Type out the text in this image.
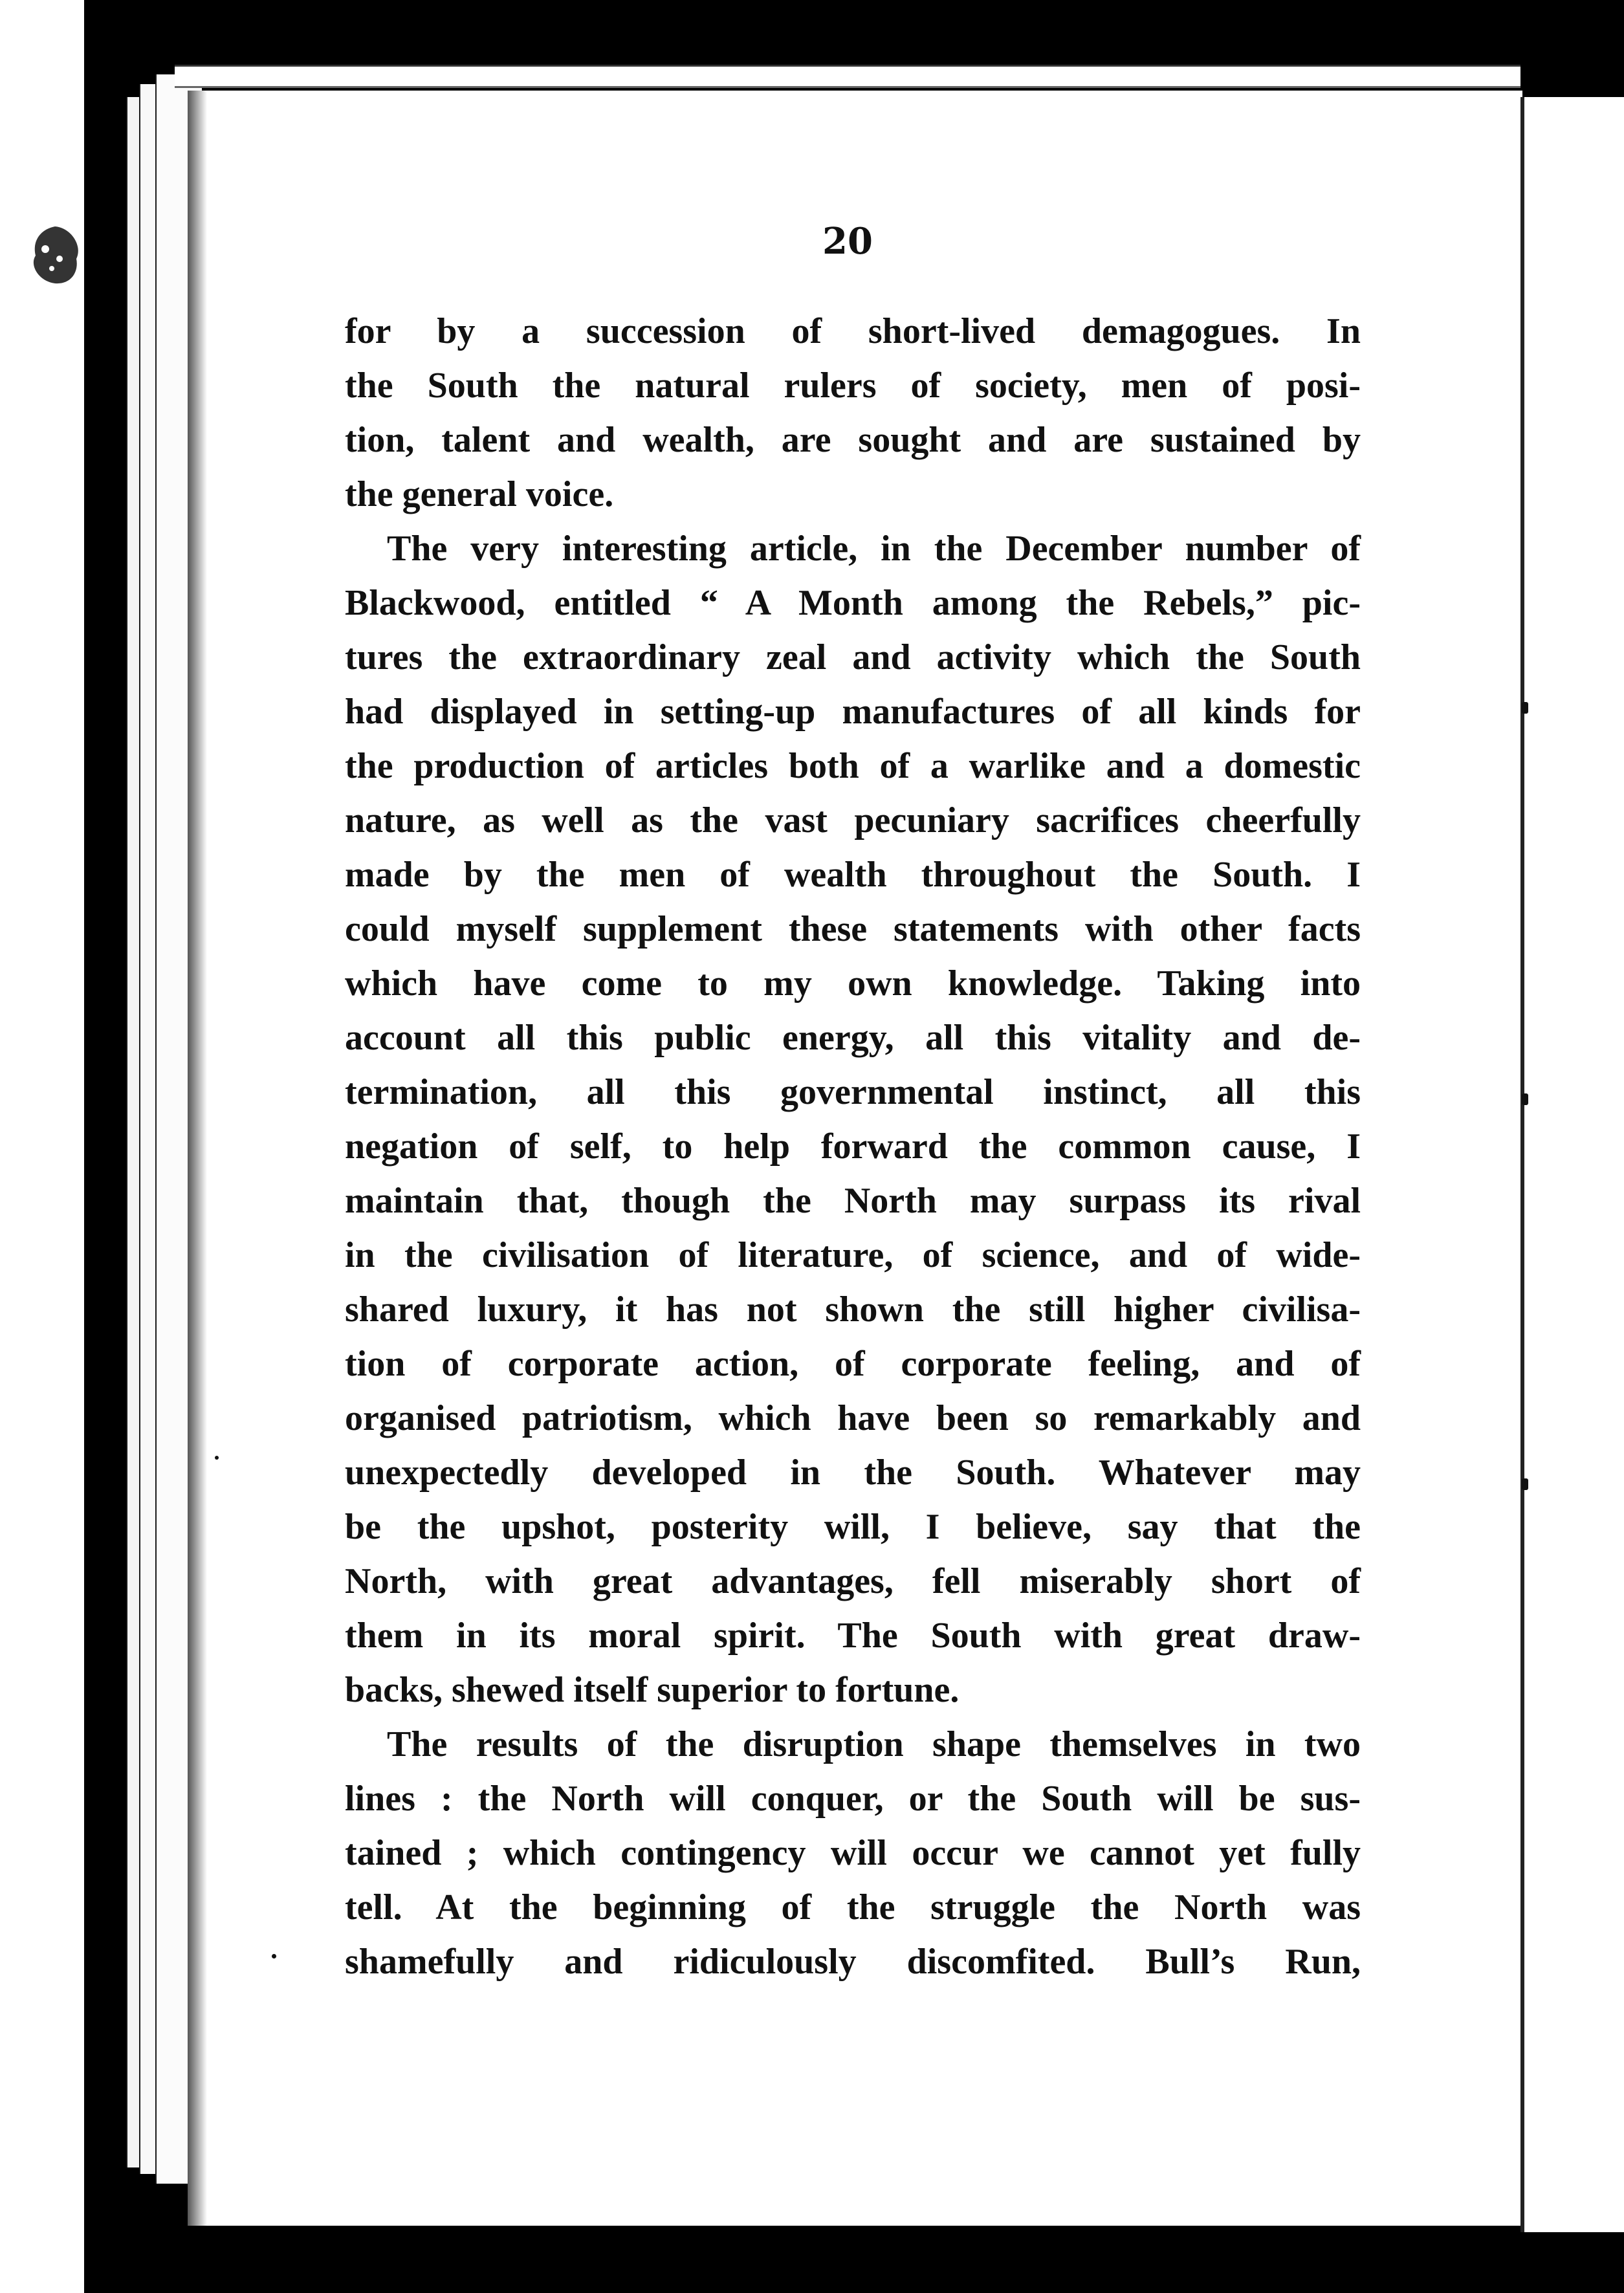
20
for by a succession of short-lived demagogues. In
the South the natural rulers of society, men of posi-
tion, talent and wealth, are sought and are sustained by
the general voice.
The very interesting article, in the December number of
Blackwood, entitled “ A Month among the Rebels,” pic-
tures the extraordinary zeal and activity which the South
had displayed in setting-up manufactures of all kinds for
the production of articles both of a warlike and a domestic
nature, as well as the vast pecuniary sacrifices cheerfully
made by the men of wealth throughout the South. I
could myself supplement these statements with other facts
which have come to my own knowledge. Taking into
account all this public energy, all this vitality and de-
termination, all this governmental instinct, all this
negation of self, to help forward the common cause, I
maintain that, though the North may surpass its rival
in the civilisation of literature, of science, and of wide-
shared luxury, it has not shown the still higher civilisa-
tion of corporate action, of corporate feeling, and of
organised patriotism, which have been so remarkably and
unexpectedly developed in the South. Whatever may
be the upshot, posterity will, I believe, say that the
North, with great advantages, fell miserably short of
them in its moral spirit. The South with great draw-
backs, shewed itself superior to fortune.
The results of the disruption shape themselves in two
lines : the North will conquer, or the South will be sus-
tained ; which contingency will occur we cannot yet fully
tell. At the beginning of the struggle the North was
shamefully and ridiculously discomfited. Bull’s Run,
